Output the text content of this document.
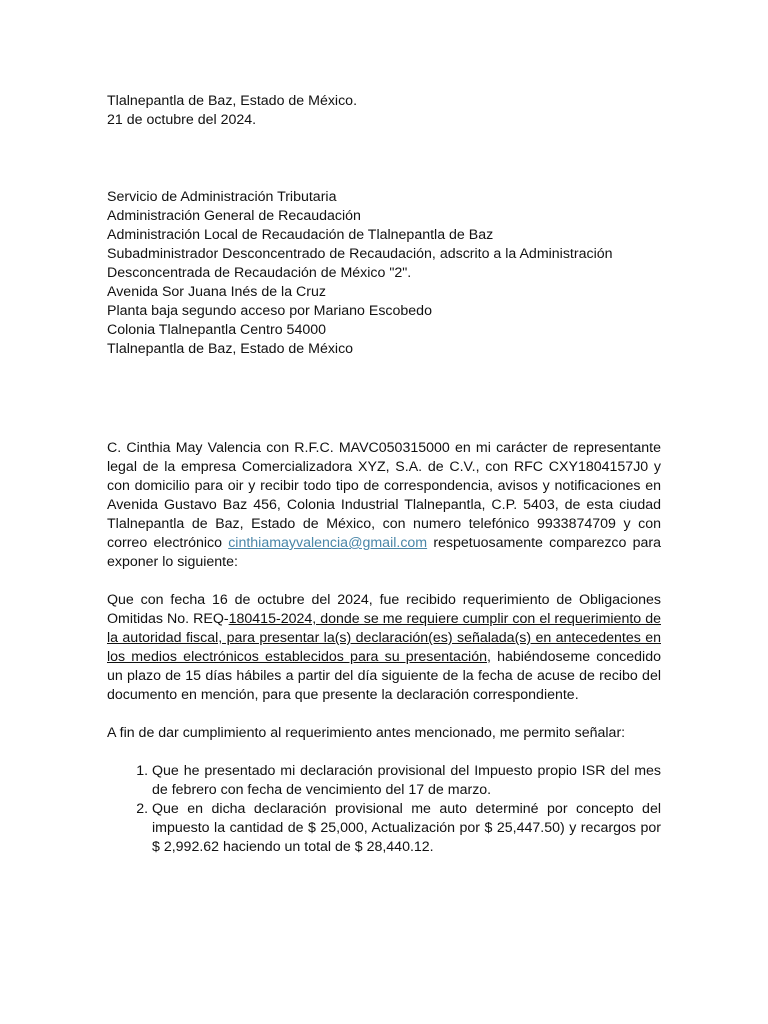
Tlalnepantla de Baz, Estado de México.
21 de octubre del 2024.
Servicio de Administración Tributaria
Administración General de Recaudación
Administración Local de Recaudación de Tlalnepantla de Baz
Subadministrador Desconcentrado de Recaudación, adscrito a la Administración
Desconcentrada de Recaudación de México "2".
Avenida Sor Juana Inés de la Cruz
Planta baja segundo acceso por Mariano Escobedo
Colonia Tlalnepantla Centro 54000
Tlalnepantla de Baz, Estado de México

C. Cinthia May Valencia con R.F.C. MAVC050315000 en mi carácter de representante legal de la empresa Comercializadora XYZ, S.A. de C.V., con RFC CXY1804157J0 y con domicilio para oir y recibir todo tipo de correspondencia, avisos y notificaciones en Avenida Gustavo Baz 456, Colonia Industrial Tlalnepantla, C.P. 5403, de esta ciudad Tlalnepantla de Baz, Estado de México, con numero telefónico 9933874709 y con correo electrónico cinthiamayvalencia@gmail.com respetuosamente comparezco para exponer lo siguiente:

Que con fecha 16 de octubre del 2024, fue recibido requerimiento de Obligaciones Omitidas No. REQ-180415-2024, donde se me requiere cumplir con el requerimiento de la autoridad fiscal, para presentar la(s) declaración(es) señalada(s) en antecedentes en los medios electrónicos establecidos para su presentación, habiéndoseme concedido un plazo de 15 días hábiles a partir del día siguiente de la fecha de acuse de recibo del documento en mención, para que presente la declaración correspondiente.

A fin de dar cumplimiento al requerimiento antes mencionado, me permito señalar:

1. Que he presentado mi declaración provisional del Impuesto propio ISR del mes de febrero con fecha de vencimiento del 17 de marzo.
2. Que en dicha declaración provisional me auto determiné por concepto del impuesto la cantidad de $ 25,000, Actualización por $ 25,447.50) y recargos por $ 2,992.62 haciendo un total de $ 28,440.12.
